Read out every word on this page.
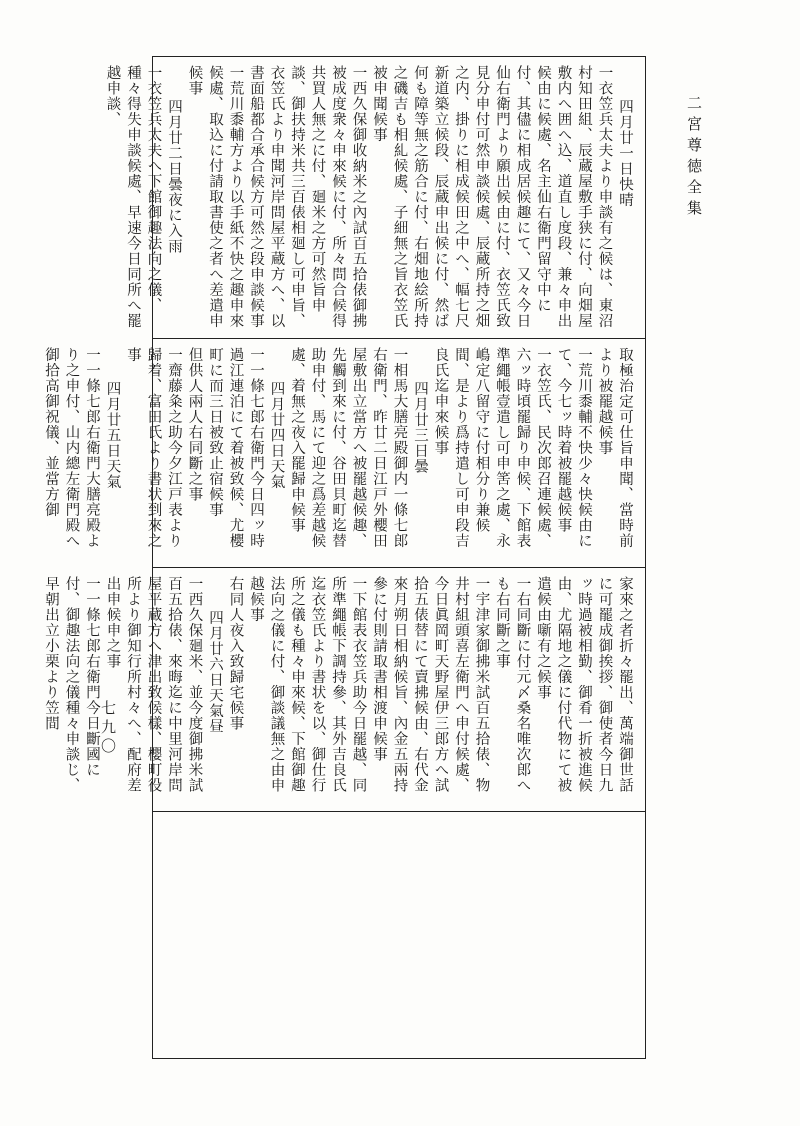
二宮尊徳全集
七九〇
四月廿一日快晴
一衣笠兵太夫より申談有之候は、東沼村知田組、辰蔵屋敷手狭に付、向畑屋敷内へ囲へ込、道直し度段、兼々申出候由に候處、名主仙右衛門留守中に付、其儘に相成居候趣にて、又々今日仙右衛門より願出候由に付、衣笠氏致見分申付可然申談候處、辰蔵所持之畑之内、掛りに相成候田之中へ、幅七尺新道築立候段、辰蔵申出候に付、然ば何も障等無之筋合に付、右畑地絵所持之磯吉も相糺候處、子細無之旨衣笠氏被申聞候事
一西久保御收納米之內試百五拾俵御拂被成度衆々申來候に付、所々問合候得共買人無之に付、廻米之方可然旨申談、御扶持米共三百俵相廻し可申旨、衣笠氏より申聞河岸問屋平蔵方へ、以書面船都合承合候方可然之段申談候事
一荒川黍輔方より以手紙不快之趣申來候處、取込に付請取書使之者へ差遣申候事
四月廿二日曇夜に入雨
一衣笠兵太夫へ下館御趣法向之儀、種々得失申談候處、早速今日同所へ罷越申談、
取極治定可仕旨申聞、當時前より被罷越候事
一荒川黍輔不快少々快候由にて、今七ッ時着被罷越候事
一衣笠氏、民次郎召連候處、六ッ時頃罷歸り申候、下館表準繩帳壹遣し可申筈之處、永嶋定八留守に付相分り兼候間、是より爲持遣し可申段吉良氏迄申來候事
四月廿三日曇
一相馬大膳亮殿御内一條七郎右衛門、昨廿二日江戸外櫻田屋敷出立當方へ被罷越候趣、先觸到來に付、谷田貝町迄替助申付、馬にて迎之爲差越候處、着無之夜入罷歸申候事
四月廿四日天氣
一一條七郎右衛門今日四ッ時過江連泊にて着被致候、尤櫻町に而三日被致止宿候事
但供人兩人右同斷之事
一齋藤粂之助今夕江戸表より歸着、富田氏より書状到來之事
四月廿五日天氣
一一條七郎右衛門大膳亮殿より之申付、山内總左衛門殿へ御拾高御祝儀、並當方御
家來之者折々罷出、萬端御世話に可罷成御挨拶、御使者今日九ッ時過被相勤、御肴一折被進候由、尤隔地之儀に付代物にて被遣候由噺有之候事
一右同斷に付元〆桑名唯次郎へも右同斷之事
一宇津家御拂米試百五拾俵、物井村組頭喜左衛門へ申付候處、今日眞岡町天野屋伊三郎方へ試拾五俵替にて賣拂候由、右代金來月朔日相納候旨、內金五兩持參に付則請取書相渡申候事
一下館表衣笠兵助今日罷越、同所準繩帳下調持參、其外吉良氏迄衣笠氏より書状を以、御仕行所之儀も種々申來候、下館御趣法向之儀に付、御談議無之由申越候事
右同人夜入致歸宅候事
四月廿六日天氣昼
一西久保廻米、並今度御拂米試百五拾俵、來晦迄に中里河岸問屋平蔵方へ津出致候樣、櫻町役所より御知行所村々へ、配府差出申候申之事
一一條七郎右衛門今日斷國に付、御趣法向之儀種々申談じ、早朝出立小栗より笠間
